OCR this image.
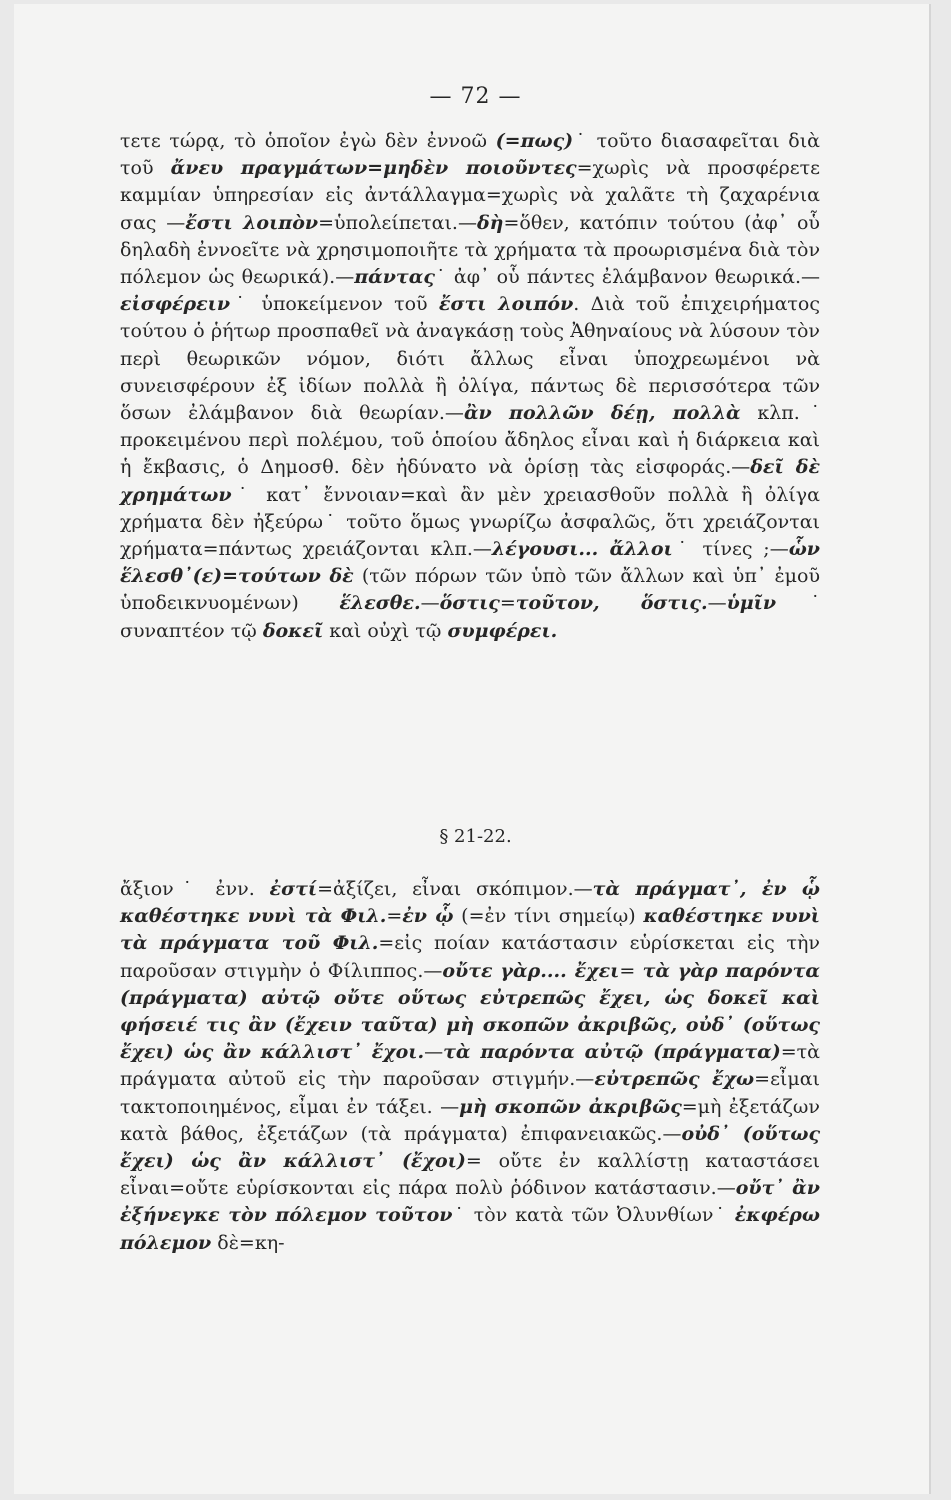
— 72 —

τετε τώρᾳ, τὸ ὁποῖον ἐγὼ δὲν ἐννοῶ (=πως)˙ τοῦτο διασαφεῖται διὰ τοῦ ἄνευ πραγμάτων=μηδὲν ποιοῦντες=χωρὶς νὰ προσφέρετε καμμίαν ὑπηρεσίαν εἰς ἀντάλλαγμα=χωρὶς νὰ χαλᾶτε τὴ ζαχαρένια σας —ἔστι λοιπὸν=ὑπολείπεται.—δὴ=ὅθεν, κατόπιν τούτου (ἀφ᾽ οὗ δηλαδὴ ἐννοεῖτε νὰ χρησιμοποιῆτε τὰ χρήματα τὰ προωρισμένα διὰ τὸν πόλεμον ὡς θεωρικά).—πάντας˙ ἀφ᾽ οὗ πάντες ἐλάμβανον θεωρικά.—εἰσφέρειν˙ ὑποκείμενον τοῦ ἔστι λοιπόν. Διὰ τοῦ ἐπιχειρήματος τούτου ὁ ῥήτωρ προσπαθεῖ νὰ ἀναγκάσῃ τοὺς Ἀθηναίους νὰ λύσουν τὸν περὶ θεωρικῶν νόμον, διότι ἄλλως εἶναι ὑποχρεωμένοι νὰ συνεισφέρουν ἐξ ἰδίων πολλὰ ἢ ὀλίγα, πάντως δὲ περισσότερα τῶν ὅσων ἐλάμβανον διὰ θεωρίαν.—ἂν πολλῶν δέῃ, πολλὰ κλπ.˙ προκειμένου περὶ πολέμου, τοῦ ὁποίου ἄδηλος εἶναι καὶ ἡ διάρκεια καὶ ἡ ἔκβασις, ὁ Δημοσθ. δὲν ἠδύνατο νὰ ὁρίσῃ τὰς εἰσφοράς.—δεῖ δὲ χρημάτων˙ κατ᾽ ἔννοιαν=καὶ ἂν μὲν χρειασθοῦν πολλὰ ἢ ὀλίγα χρήματα δὲν ἠξεύρω˙ τοῦτο ὅμως γνωρίζω ἀσφαλῶς, ὅτι χρειάζονται χρήματα=πάντως χρειάζονται κλπ.—λέγουσι... ἄλλοι˙ τίνες ;—ὧν ἕλεσθ᾽(ε)=τούτων δὲ (τῶν πόρων τῶν ὑπὸ τῶν ἄλλων καὶ ὑπ᾽ ἐμοῦ ὑποδεικνυομένων) ἕλεσθε.—ὅστις=τοῦτον, ὅστις.—ὑμῖν˙ συναπτέον τῷ δοκεῖ καὶ οὐχὶ τῷ συμφέρει.

§ 21-22.

ἄξιον˙ ἐνν. ἐστί=ἀξίζει, εἶναι σκόπιμον.—τὰ πράγματ᾽, ἐν ᾧ καθέστηκε νυνὶ τὰ Φιλ.=ἐν ᾧ (=ἐν τίνι σημείῳ) καθέστηκε νυνὶ τὰ πράγματα τοῦ Φιλ.=εἰς ποίαν κατάστασιν εὑρίσκεται εἰς τὴν παροῦσαν στιγμὴν ὁ Φίλιππος.—οὔτε γὰρ.... ἔχει= τὰ γὰρ παρόντα (πράγματα) αὐτῷ οὔτε οὕτως εὐτρεπῶς ἔχει, ὡς δοκεῖ καὶ φήσειέ τις ἂν (ἔχειν ταῦτα) μὴ σκοπῶν ἀκριβῶς, οὐδ᾽ (οὕτως ἔχει) ὡς ἂν κάλλιστ᾽ ἔχοι.—τὰ παρόντα αὐτῷ (πράγματα)=τὰ πράγματα αὐτοῦ εἰς τὴν παροῦσαν στιγμήν.—εὐτρεπῶς ἔχω=εἶμαι τακτοποιημένος, εἶμαι ἐν τάξει. —μὴ σκοπῶν ἀκριβῶς=μὴ ἐξετάζων κατὰ βάθος, ἐξετάζων (τὰ πράγματα) ἐπιφανειακῶς.—οὐδ᾽ (οὕτως ἔχει) ὡς ἂν κάλλιστ᾽ (ἔχοι)= οὔτε ἐν καλλίστῃ καταστάσει εἶναι=οὔτε εὑρίσκονται εἰς πάρα πολὺ ῥόδινον κατάστασιν.—οὔτ᾽ ἂν ἐξήνεγκε τὸν πόλεμον τοῦτον˙ τὸν κατὰ τῶν Ὀλυνθίων˙ ἐκφέρω πόλεμον δὲ=κη-
